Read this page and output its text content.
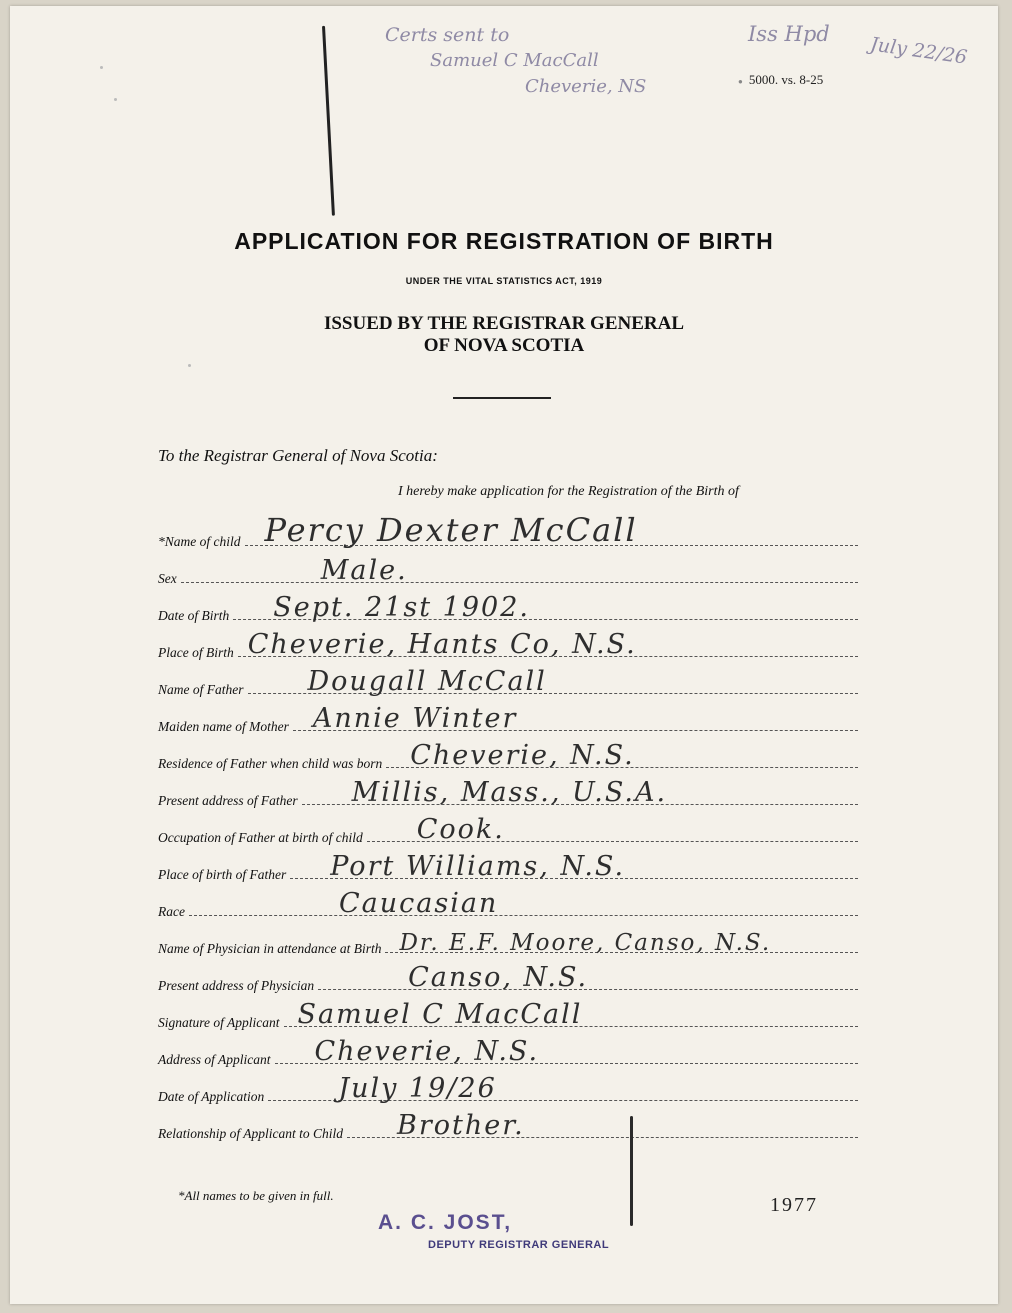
Certs sent to
Samuel C MacCall
Cheverie, NS
Iss Hpd July 22/26
● 5000. vs. 8-25
APPLICATION FOR REGISTRATION OF BIRTH
UNDER THE VITAL STATISTICS ACT, 1919
ISSUED BY THE REGISTRAR GENERAL
OF NOVA SCOTIA
To the Registrar General of Nova Scotia:
I hereby make application for the Registration of the Birth of
*Name of child Percy Dexter McCall
Sex	Male.
Date of Birth Sept. 21st 1902.
Place of Birth Cheverie, Hants Co, N.S.
Name of Father Dougall McCall
Maiden name of Mother Annie Winter
Residence of Father when child was born Cheverie, N.S.
Present address of Father Millis, Mass., U.S.A.
Occupation of Father at birth of child Cook.
Place of birth of Father Port Williams, N.S.
Race	Caucasian
Name of Physician in attendance at Birth Dr. E.F. Moore, Canso, N.S.
Present address of Physician	Canso, N.S.
Signature of Applicant Samuel C MacCall
Address of Applicant Cheverie, N.S.
Date of Application	July 19/26
Relationship of Applicant to Child Brother.
*All names to be given in full.
A. C. JOST,
DEPUTY REGISTRAR GENERAL
1977
